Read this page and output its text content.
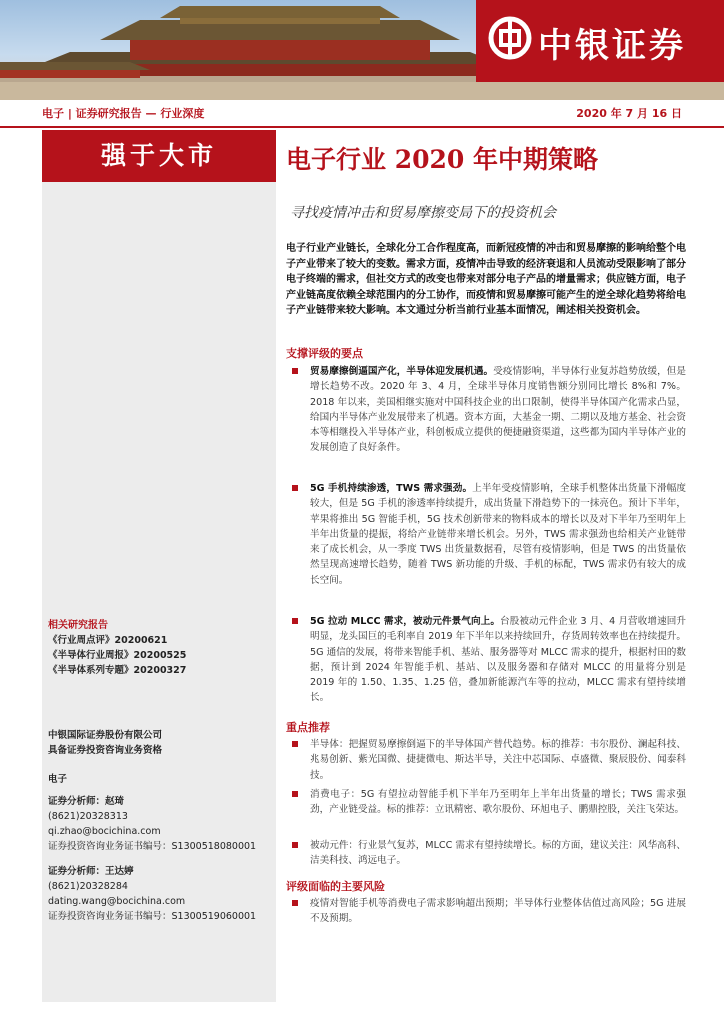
中银证券
电子 | 证券研究报告 — 行业深度	2020 年 7 月 16 日
强于大市
相关研究报告
《行业周点评》20200621
《半导体行业周报》20200525
《半导体系列专题》20200327
中银国际证券股份有限公司
具备证券投资咨询业务资格
电子
证券分析师：赵琦
(8621)20328313
qi.zhao@bocichina.com
证券投资咨询业务证书编号：S1300518080001
证券分析师：王达婷
(8621)20328284
dating.wang@bocichina.com
证券投资咨询业务证书编号：S1300519060001
电子行业 2020 年中期策略
寻找疫情冲击和贸易摩擦变局下的投资机会
电子行业产业链长，全球化分工合作程度高，而新冠疫情的冲击和贸易摩擦的影响给整个电子产业带来了较大的变数。需求方面，疫情冲击导致的经济衰退和人员流动受限影响了部分电子终端的需求，但社交方式的改变也带来对部分电子产品的增量需求；供应链方面，电子产业链高度依赖全球范围内的分工协作，而疫情和贸易摩擦可能产生的逆全球化趋势将给电子产业链带来较大影响。本文通过分析当前行业基本面情况，阐述相关投资机会。
支撑评级的要点
贸易摩擦倒逼国产化，半导体迎发展机遇。受疫情影响，半导体行业复苏趋势放缓，但是增长趋势不改。2020 年 3、4 月，全球半导体月度销售额分别同比增长 8%和 7%。2018 年以来，美国相继实施对中国科技企业的出口限制，使得半导体国产化需求凸显，给国内半导体产业发展带来了机遇。资本方面，大基金一期、二期以及地方基金、社会资本等相继投入半导体产业，科创板成立提供的便捷融资渠道，这些都为国内半导体产业的发展创造了良好条件。
5G 手机持续渗透，TWS 需求强劲。上半年受疫情影响，全球手机整体出货量下滑幅度较大，但是 5G 手机的渗透率持续提升，成出货量下滑趋势下的一抹亮色。预计下半年，苹果将推出 5G 智能手机，5G 技术创新带来的物料成本的增长以及对下半年乃至明年上半年出货量的提振，将给产业链带来增长机会。另外，TWS 需求强劲也给相关产业链带来了成长机会，从一季度 TWS 出货量数据看，尽管有疫情影响，但是 TWS 的出货量依然呈现高速增长趋势，随着 TWS 新功能的升级、手机的标配，TWS 需求仍有较大的成长空间。
5G 拉动 MLCC 需求，被动元件景气向上。台股被动元件企业 3 月、4 月营收增速回升明显，龙头国巨的毛利率自 2019 年下半年以来持续回升，存货周转效率也在持续提升。5G 通信的发展，将带来智能手机、基站、服务器等对 MLCC 需求的提升，根据村田的数据，预计到 2024 年智能手机、基站、以及服务器和存储对 MLCC 的用量将分别是 2019 年的 1.50、1.35、1.25 倍，叠加新能源汽车等的拉动，MLCC 需求有望持续增长。
重点推荐
半导体：把握贸易摩擦倒逼下的半导体国产替代趋势。标的推荐：韦尔股份、澜起科技、兆易创新、紫光国微、捷捷微电、斯达半导，关注中芯国际、卓盛微、聚辰股份、闻泰科技。
消费电子：5G 有望拉动智能手机下半年乃至明年上半年出货量的增长；TWS 需求强劲，产业链受益。标的推荐：立讯精密、歌尔股份、环旭电子、鹏鼎控股，关注飞荣达。
被动元件：行业景气复苏，MLCC 需求有望持续增长。标的方面，建议关注：风华高科、洁美科技、鸿远电子。
评级面临的主要风险
疫情对智能手机等消费电子需求影响超出预期；半导体行业整体估值过高风险；5G 进展不及预期。
